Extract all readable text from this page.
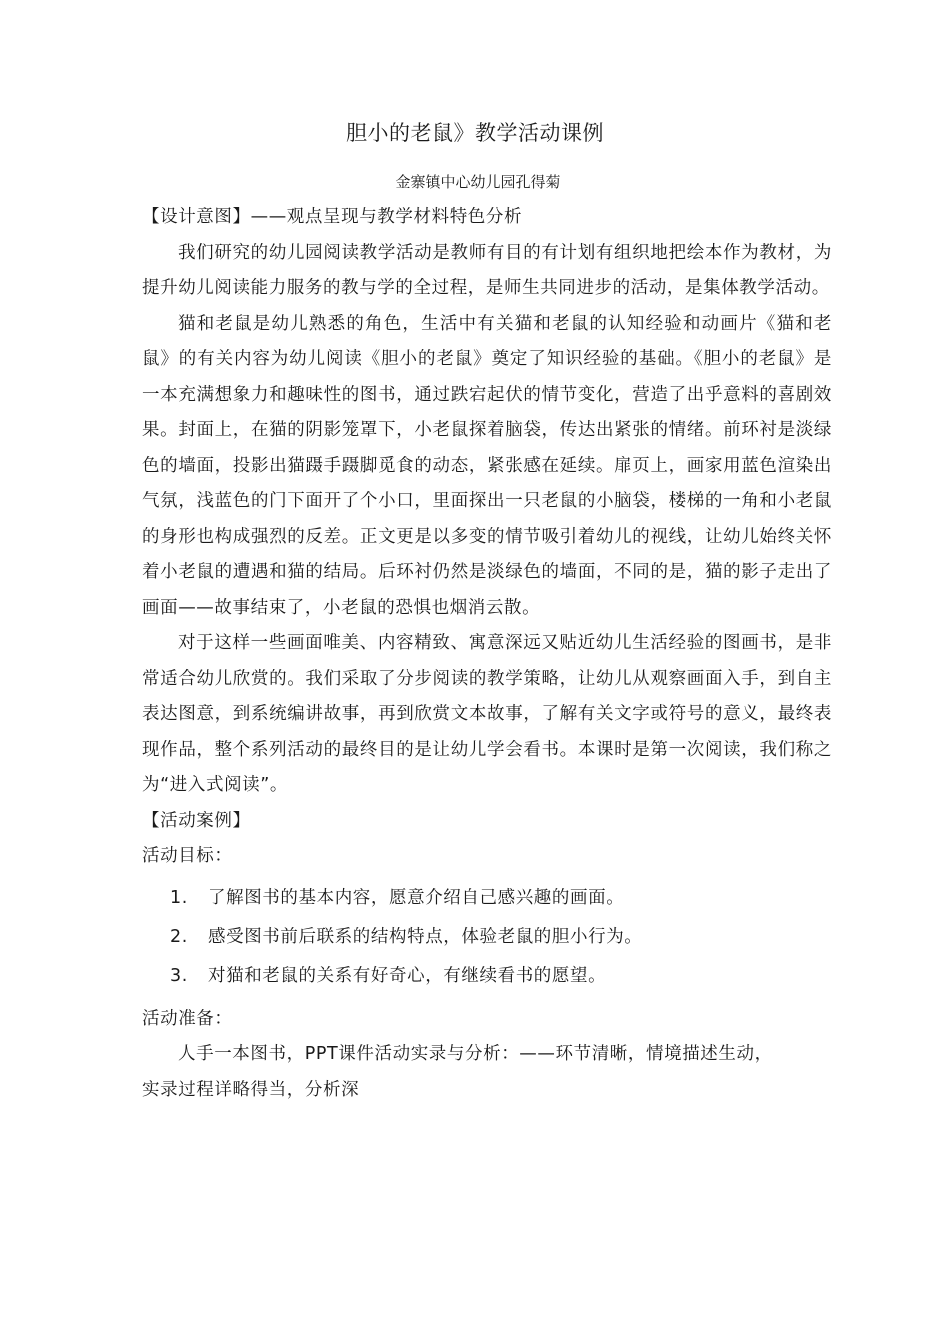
胆小的老鼠》教学活动课例
金寨镇中心幼儿园孔得菊

【设计意图】——观点呈现与教学材料特色分析

我们研究的幼儿园阅读教学活动是教师有目的有计划有组织地把绘本作为教材，为提升幼儿阅读能力服务的教与学的全过程，是师生共同进步的活动，是集体教学活动。

猫和老鼠是幼儿熟悉的角色，生活中有关猫和老鼠的认知经验和动画片《猫和老鼠》的有关内容为幼儿阅读《胆小的老鼠》奠定了知识经验的基础。《胆小的老鼠》是一本充满想象力和趣味性的图书，通过跌宕起伏的情节变化，营造了出乎意料的喜剧效果。封面上，在猫的阴影笼罩下，小老鼠探着脑袋，传达出紧张的情绪。前环衬是淡绿色的墙面，投影出猫蹑手蹑脚觅食的动态，紧张感在延续。扉页上，画家用蓝色渲染出气氛，浅蓝色的门下面开了个小口，里面探出一只老鼠的小脑袋，楼梯的一角和小老鼠的身形也构成强烈的反差。正文更是以多变的情节吸引着幼儿的视线，让幼儿始终关怀着小老鼠的遭遇和猫的结局。后环衬仍然是淡绿色的墙面，不同的是，猫的影子走出了画面——故事结束了，小老鼠的恐惧也烟消云散。

对于这样一些画面唯美、内容精致、寓意深远又贴近幼儿生活经验的图画书，是非常适合幼儿欣赏的。我们采取了分步阅读的教学策略，让幼儿从观察画面入手，到自主表达图意，到系统编讲故事，再到欣赏文本故事，了解有关文字或符号的意义，最终表现作品，整个系列活动的最终目的是让幼儿学会看书。本课时是第一次阅读，我们称之为“进入式阅读”。

【活动案例】

活动目标：

1.	了解图书的基本内容，愿意介绍自己感兴趣的画面。
2.	感受图书前后联系的结构特点，体验老鼠的胆小行为。
3.	对猫和老鼠的关系有好奇心，有继续看书的愿望。

活动准备：

人手一本图书，PPT课件活动实录与分析：——环节清晰，情境描述生动，

实录过程详略得当，分析深
